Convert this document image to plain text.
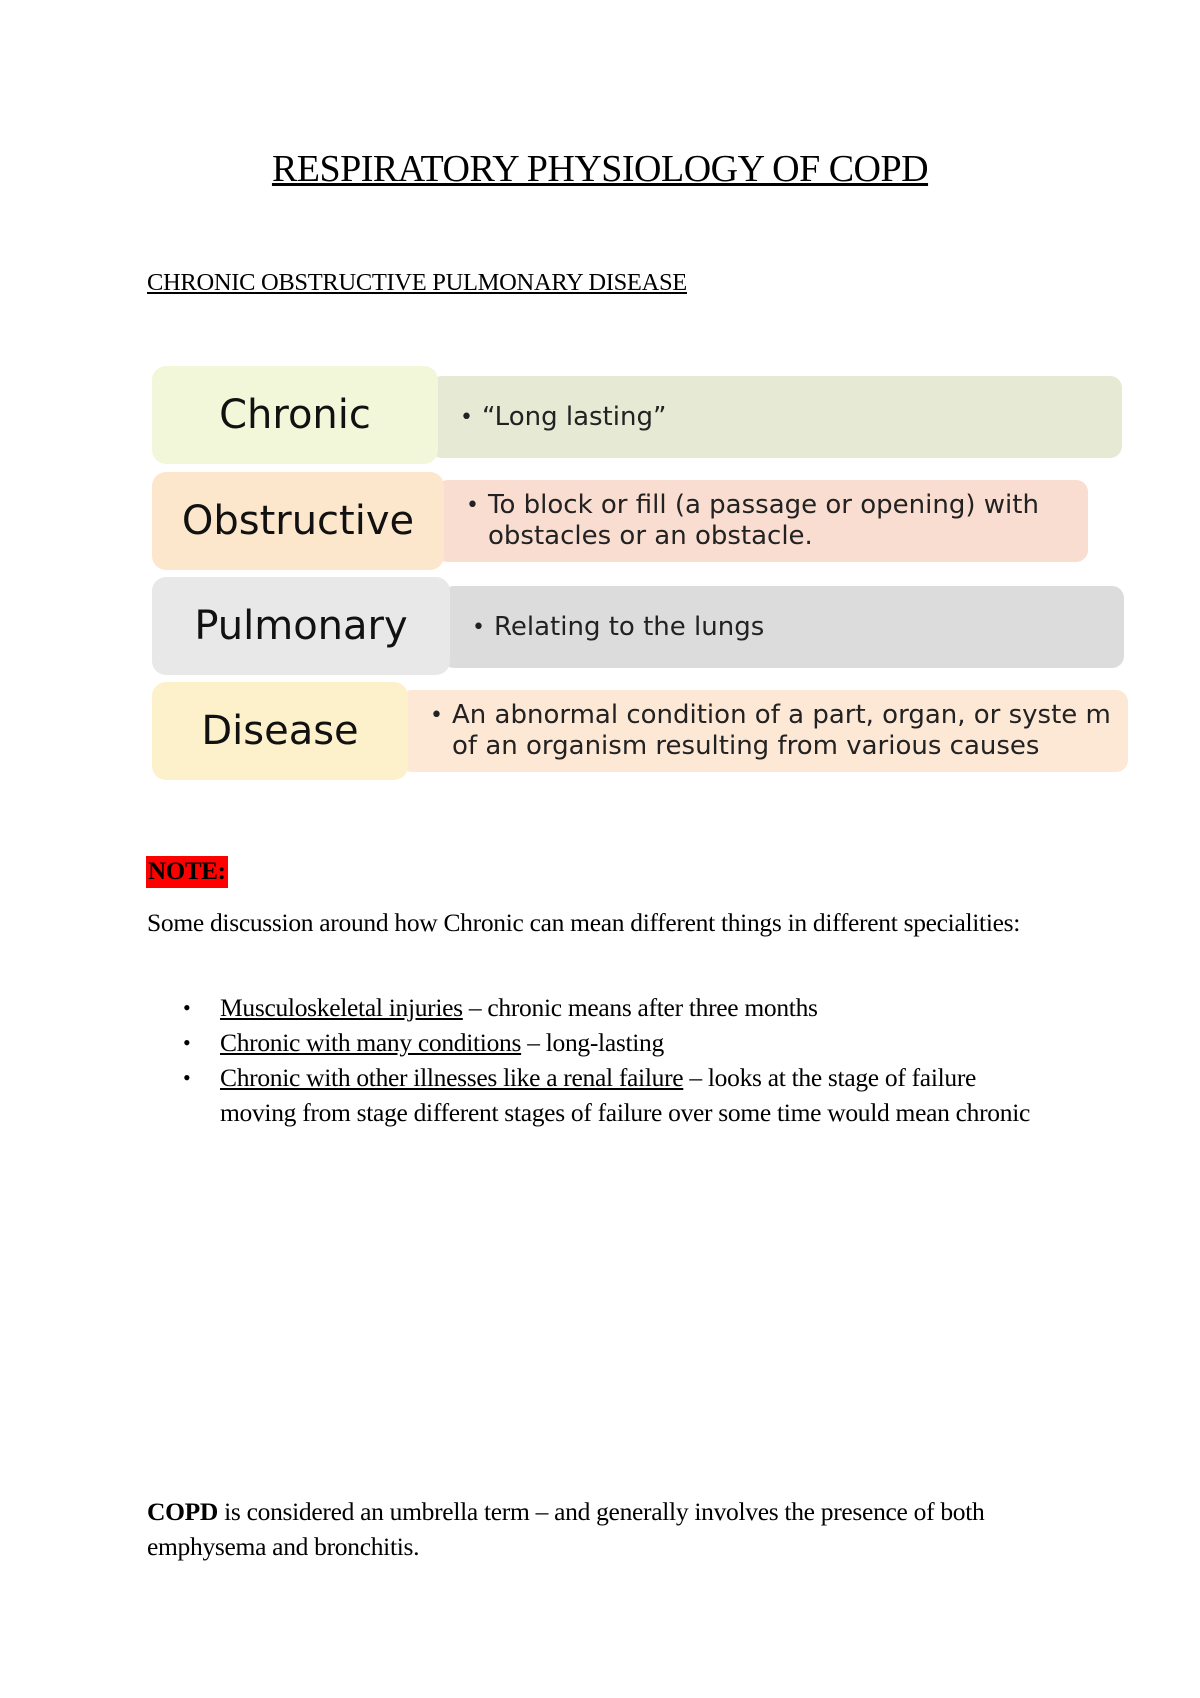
RESPIRATORY PHYSIOLOGY OF COPD
CHRONIC OBSTRUCTIVE PULMONARY DISEASE
Chronic	• “Long lasting”
Obstructive	• To block or fill (a passage or opening) with obstacles or an obstacle.
Pulmonary	• Relating to the lungs
Disease	• An abnormal condition of a part, organ, or syste m of an organism resulting from various causes
NOTE:
Some discussion around how Chronic can mean different things in different specialities:
• Musculoskeletal injuries – chronic means after three months
• Chronic with many conditions – long-lasting
• Chronic with other illnesses like a renal failure – looks at the stage of failure moving from stage different stages of failure over some time would mean chronic
COPD is considered an umbrella term – and generally involves the presence of both emphysema and bronchitis.
